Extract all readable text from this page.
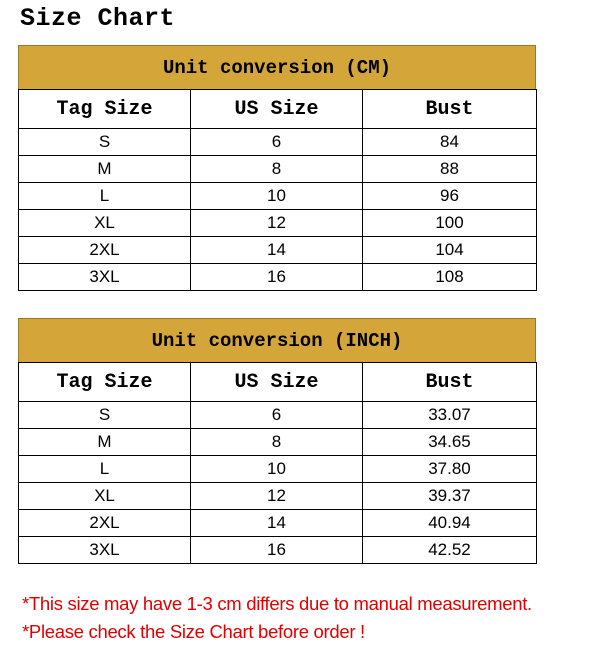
Size Chart
Unit conversion (CM)
Tag Size	US Size	Bust
S	6	84
M	8	88
L	10	96
XL	12	100
2XL	14	104
3XL	16	108
Unit conversion (INCH)
Tag Size	US Size	Bust
S	6	33.07
M	8	34.65
L	10	37.80
XL	12	39.37
2XL	14	40.94
3XL	16	42.52
*This size may have 1-3 cm differs due to manual measurement.
*Please check the Size Chart before order !
